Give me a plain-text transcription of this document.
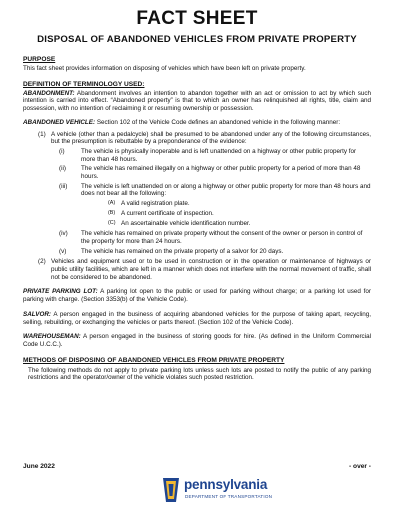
FACT SHEET
DISPOSAL OF ABANDONED VEHICLES FROM PRIVATE PROPERTY
PURPOSE
This fact sheet provides information on disposing of vehicles which have been left on private property.
DEFINITION OF TERMINOLOGY USED:
ABANDONMENT: Abandonment involves an intention to abandon together with an act or omission to act by which such intention is carried into effect. “Abandoned property” is that to which an owner has relinquished all rights, title, claim and possession, with no intention of reclaiming it or resuming ownership or possession.
ABANDONED VEHICLE: Section 102 of the Vehicle Code defines an abandoned vehicle in the following manner:
(1) A vehicle (other than a pedalcycle) shall be presumed to be abandoned under any of the following circumstances, but the presumption is rebuttable by a preponderance of the evidence:
(i)	The vehicle is physically inoperable and is left unattended on a highway or other public property for more than 48 hours.
(ii)	The vehicle has remained illegally on a highway or other public property for a period of more than 48 hours.
(iii)	The vehicle is left unattended on or along a highway or other public property for more than 48 hours and does not bear all the following:
(A) A valid registration plate.
(B) A current certificate of inspection.
(C) An ascertainable vehicle identification number.
(iv)	The vehicle has remained on private property without the consent of the owner or person in control of the property for more than 24 hours.
(v)	The vehicle has remained on the private property of a salvor for 20 days.
(2) Vehicles and equipment used or to be used in construction or in the operation or maintenance of highways or public utility facilities, which are left in a manner which does not interfere with the normal movement of traffic, shall not be considered to be abandoned.
PRIVATE PARKING LOT: A parking lot open to the public or used for parking without charge; or a parking lot used for parking with charge. (Section 3353(b) of the Vehicle Code).
SALVOR: A person engaged in the business of acquiring abandoned vehicles for the purpose of taking apart, recycling, selling, rebuilding, or exchanging the vehicles or parts thereof. (Section 102 of the Vehicle Code).
WAREHOUSEMAN: A person engaged in the business of storing goods for hire. (As defined in the Uniform Commercial Code U.C.C.).
METHODS OF DISPOSING OF ABANDONED VEHICLES FROM PRIVATE PROPERTY
The following methods do not apply to private parking lots unless such lots are posted to notify the public of any parking restrictions and the operator/owner of the vehicle violates such posted restriction.
June 2022	- over -
pennsylvania
DEPARTMENT OF TRANSPORTATION
